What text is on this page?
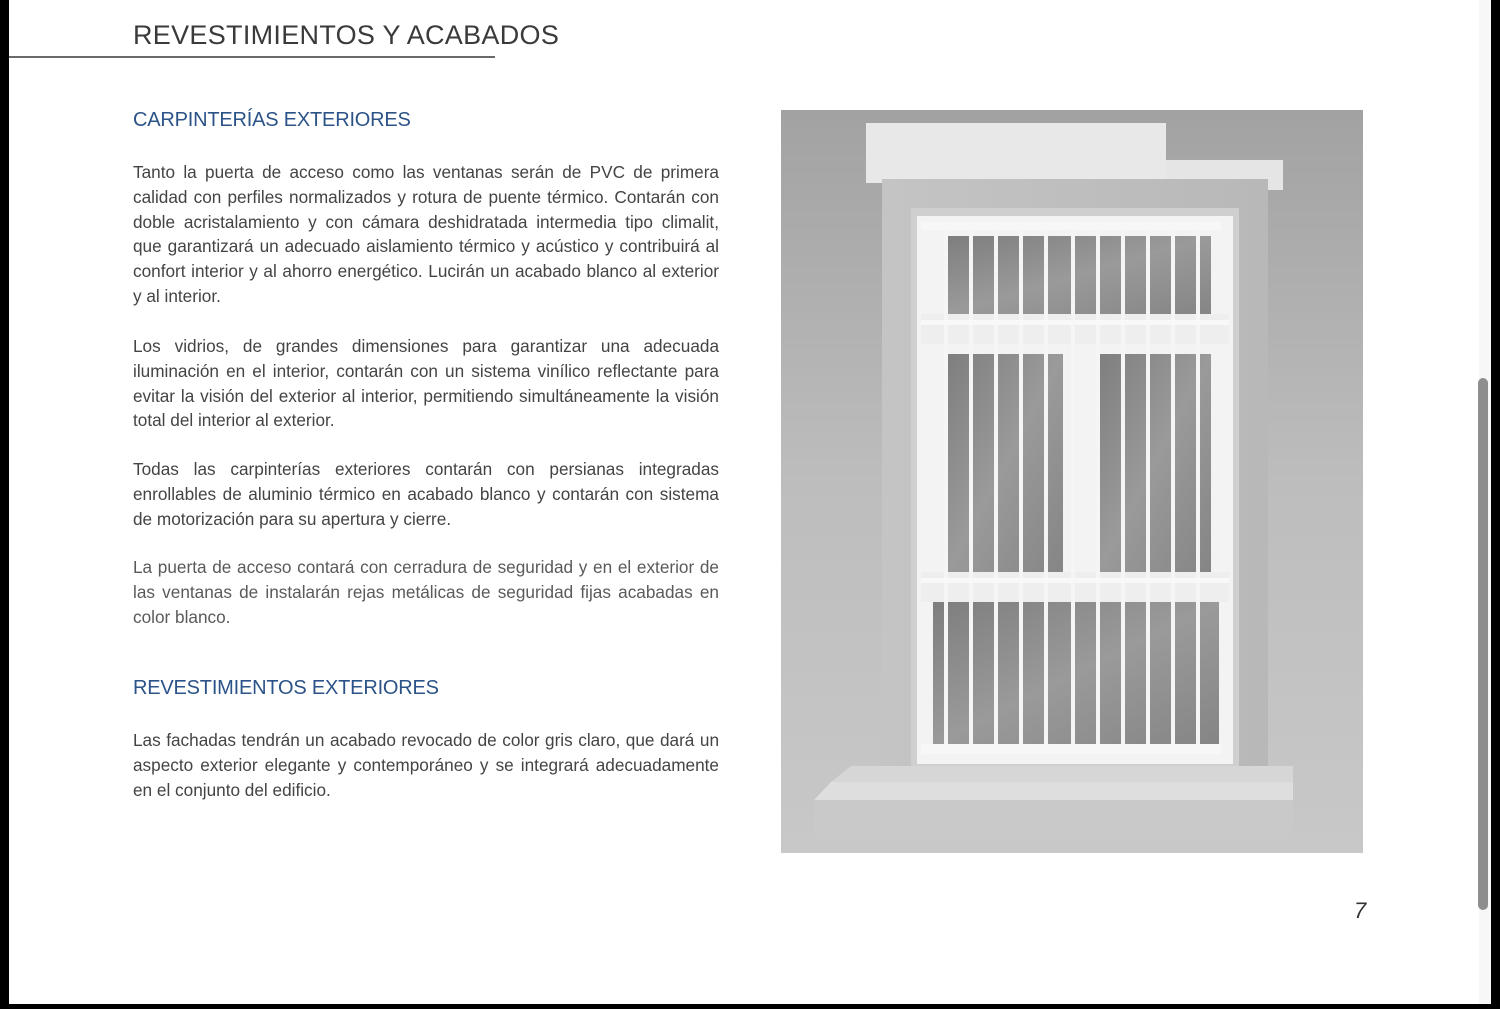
REVESTIMIENTOS Y ACABADOS
CARPINTERÍAS EXTERIORES
Tanto la puerta de acceso como las ventanas serán de PVC de primera calidad con perfiles normalizados y rotura de puente térmico. Contarán con doble acristalamiento y con cámara deshidratada intermedia tipo climalit, que garantizará un adecuado aislamiento térmico y acústico y contribuirá al confort interior y al ahorro energético. Lucirán un acabado blanco al exterior y al interior.
Los vidrios, de grandes dimensiones para garantizar una adecuada iluminación en el interior, contarán con un sistema vinílico reflectante para evitar la visión del exterior al interior, permitiendo simultáneamente la visión total del interior al exterior.
Todas las carpinterías exteriores contarán con persianas integradas enrollables de aluminio térmico en acabado blanco y contarán con sistema de motorización para su apertura y cierre.
La puerta de acceso contará con cerradura de seguridad y en el exterior de las ventanas de instalarán rejas metálicas de seguridad fijas acabadas en color blanco.
REVESTIMIENTOS EXTERIORES
Las fachadas tendrán un acabado revocado de color gris claro, que dará un aspecto exterior elegante y contemporáneo y se integrará adecuadamente en el conjunto del edificio.
7
